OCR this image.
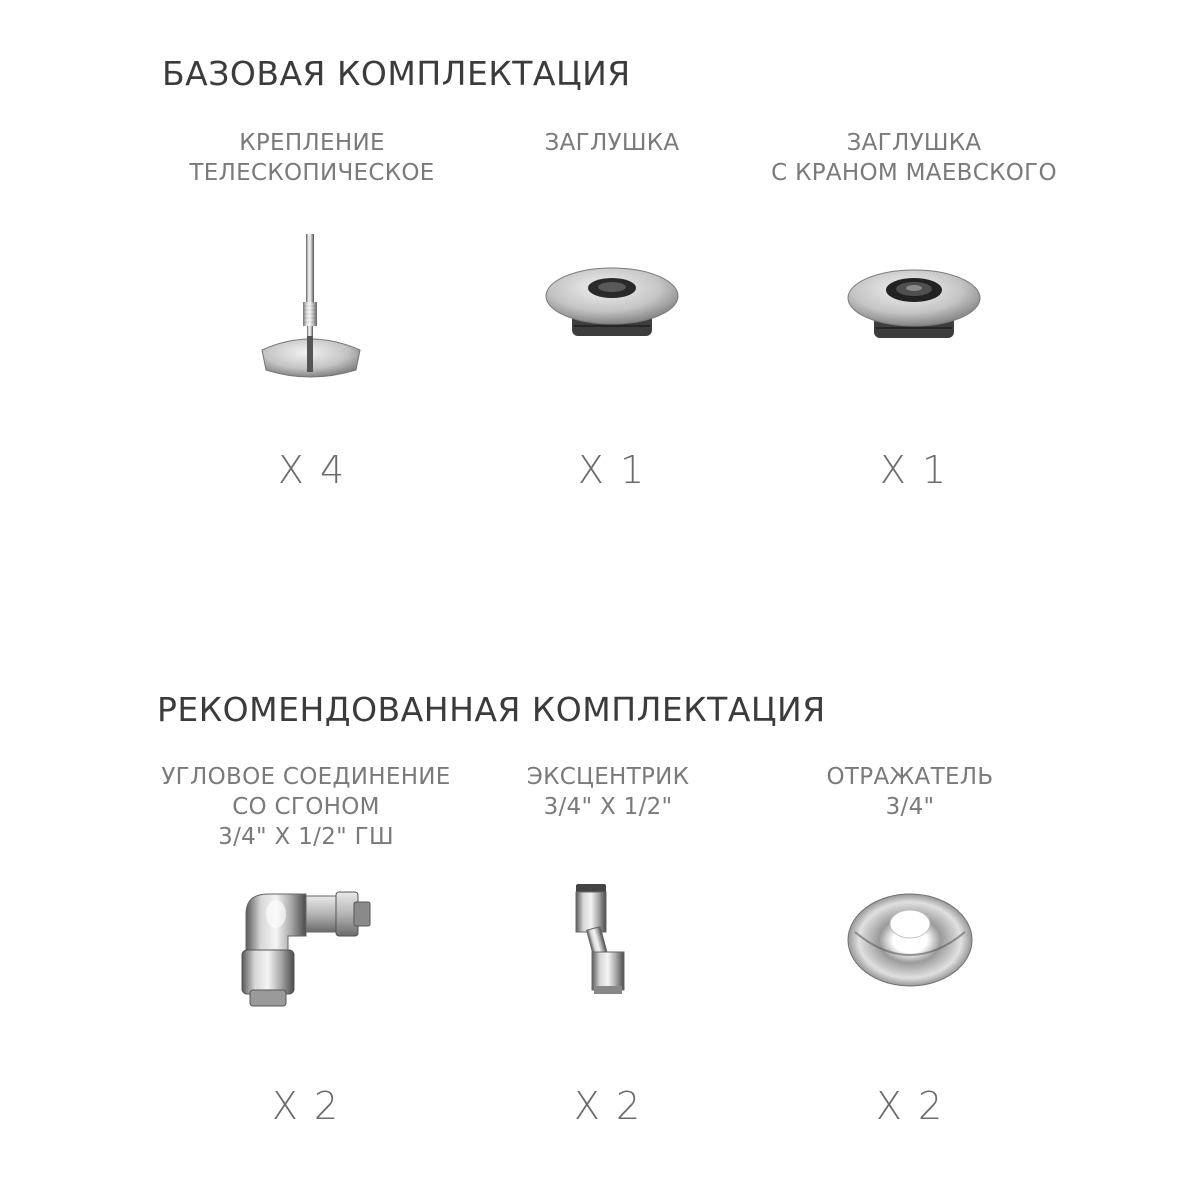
БАЗОВАЯ КОМПЛЕКТАЦИЯ
КРЕПЛЕНИЕ
ТЕЛЕСКОПИЧЕСКОЕ
X 4
ЗАГЛУШКА
X 1
ЗАГЛУШКА
С КРАНОМ МАЕВСКОГО
X 1
РЕКОМЕНДОВАННАЯ КОМПЛЕКТАЦИЯ
УГЛОВОЕ СОЕДИНЕНИЕ
СО СГОНОМ
3/4" X 1/2" ГШ
X 2
ЭКСЦЕНТРИК
3/4" X 1/2"
X 2
ОТРАЖАТЕЛЬ
3/4"
X 2
